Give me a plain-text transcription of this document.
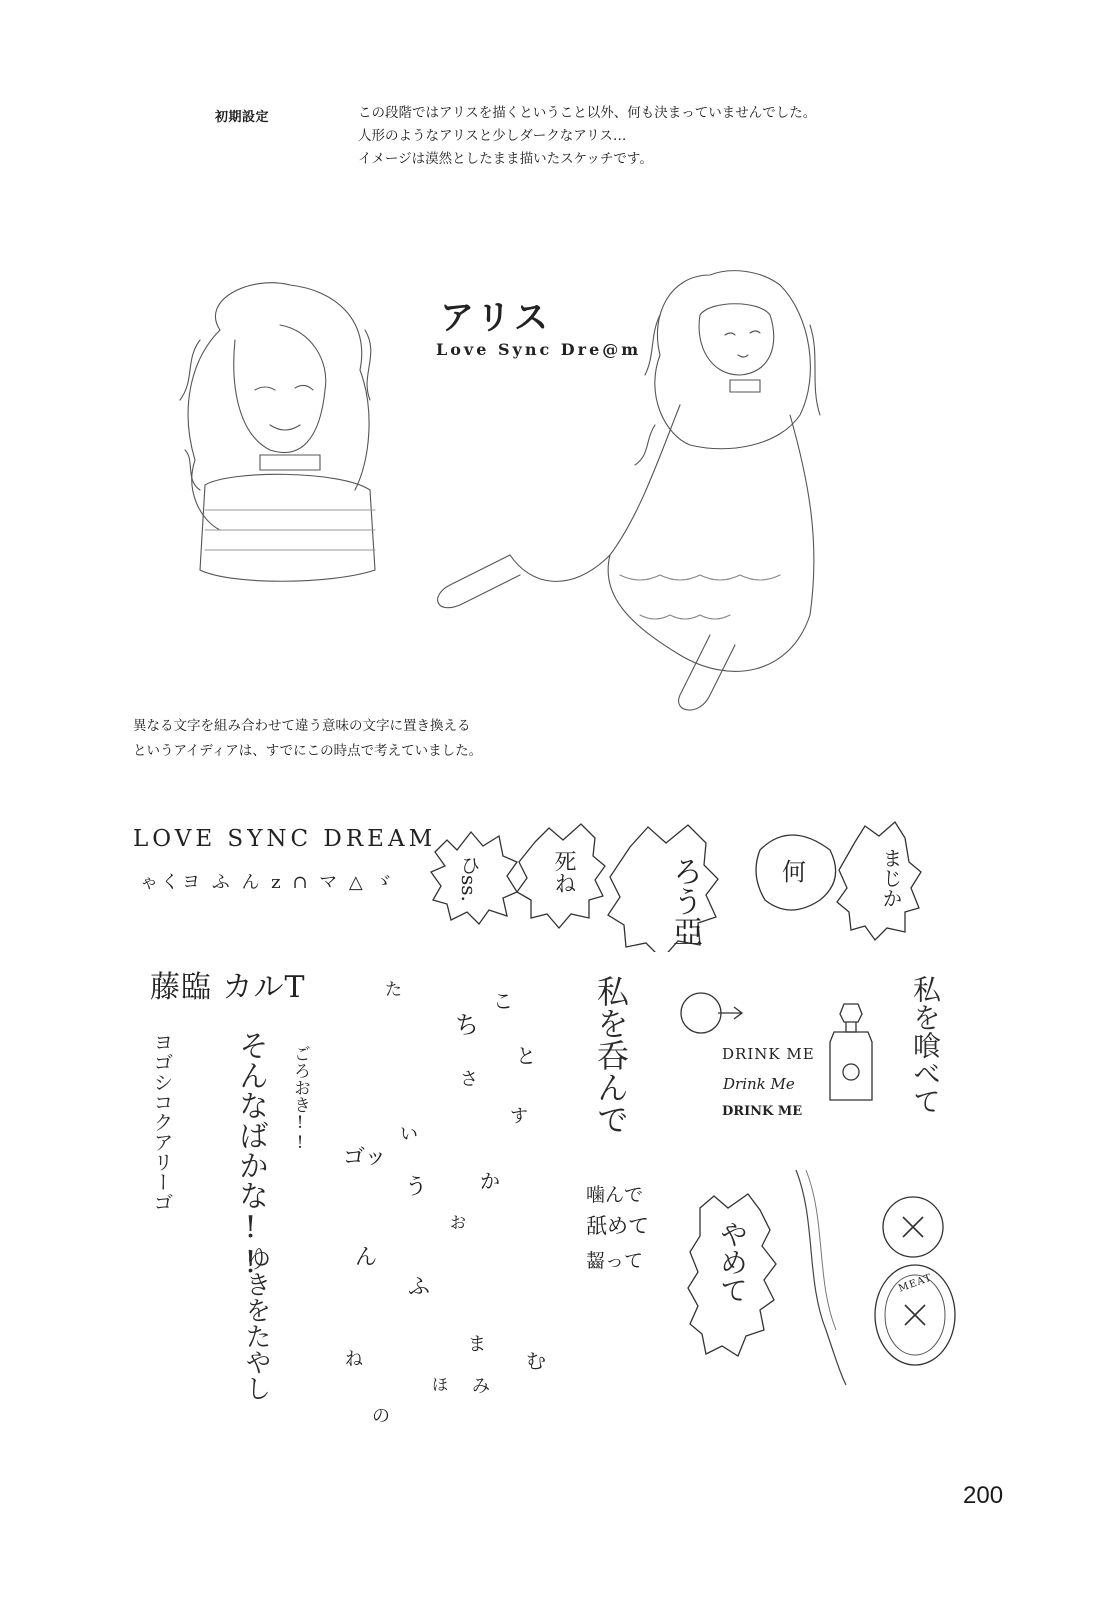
初期設定	この段階ではアリスを描くということ以外、何も決まっていませんでした。
人形のようなアリスと少しダークなアリス…
イメージは漠然としたまま描いたスケッチです。
アリス
Love Sync Dre@m
異なる文字を組み合わせて違う意味の文字に置き換える
というアイディアは、すでにこの時点で考えていました。
LOVE SYNC DREAM
ゃくヨ ふ ん z ∩ マ △ ゞ	ひss.	死ね	ろう亞	何	まじか
藤臨 カルT
ヨゴシコクアリーゴ そんなばかな!! ごろおき!!
ゆきをたやし
た
ち
こ
と
さ
す
い
う	か
ゴッ
お
ふ
ん
ま
み
む
ね
の
ほ
私を呑んで	DRINK ME
Drink Me
DRINK ME	私を喰べて
噛んで
舐めて
齧って	やめて	MEAT
200
